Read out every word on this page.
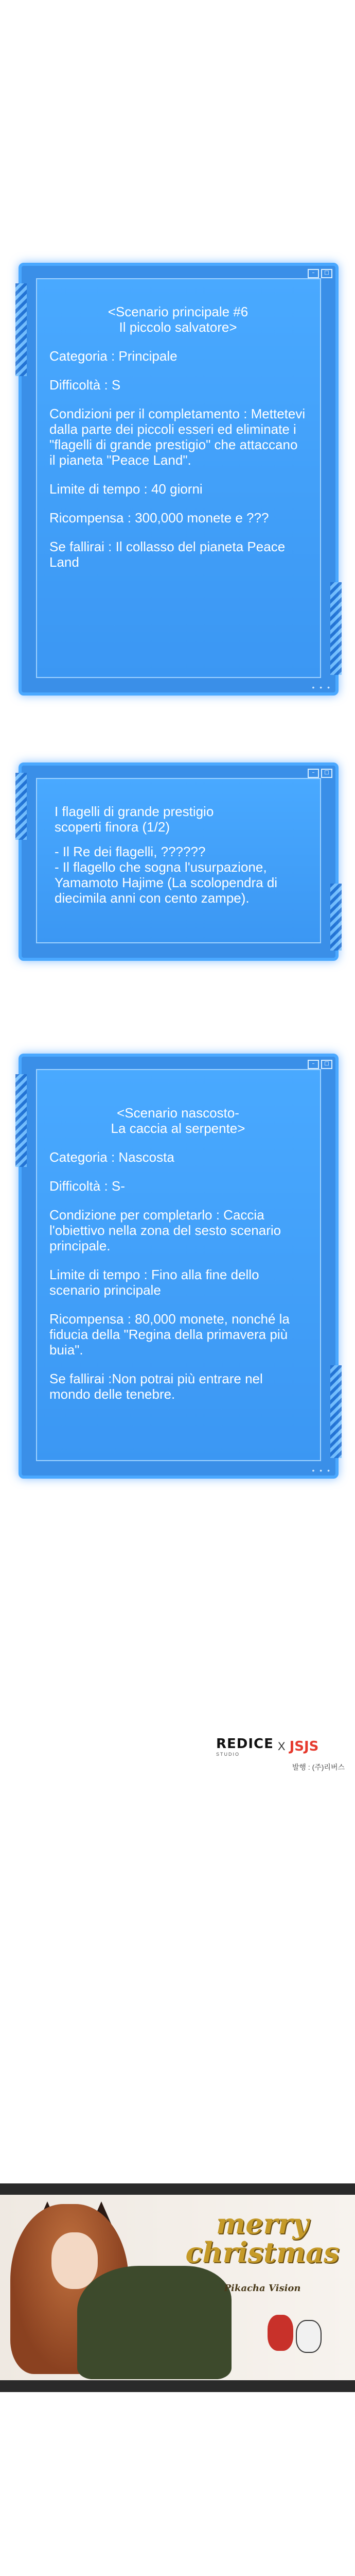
–	□

<Scenario principale #6
Il piccolo salvatore>

Categoria : Principale

Difficoltà : S

Condizioni per il completamento : Mettetevi dalla parte dei piccoli esseri ed eliminate i "flagelli di grande prestigio" che attaccano il pianeta "Peace Land".

Limite di tempo : 40 giorni

Ricompensa : 300,000 monete e ???

Se fallirai : Il collasso del pianeta Peace Land

• • •
–	□

I flagelli di grande prestigio
scoperti finora (1/2)

- Il Re dei flagelli, ??????

- Il flagello che sogna l'usurpazione, Yamamoto Hajime (La scolopendra di diecimila anni con cento zampe).

–	□

<Scenario nascosto-
La caccia al serpente>

Categoria : Nascosta

Difficoltà : S-

Condizione per completarlo : Caccia l'obiettivo nella zona del sesto scenario principale.

Limite di tempo : Fino alla fine dello scenario principale

Ricompensa : 80,000 monete, nonché la fiducia della "Regina della primavera più buia".

Se fallirai :Non potrai più entrare nel mondo delle tenebre.

• • •
REDICE
STUDIO
X JSJS
발행 : (주)리버스
merry
christmas
Pikacha Vision
